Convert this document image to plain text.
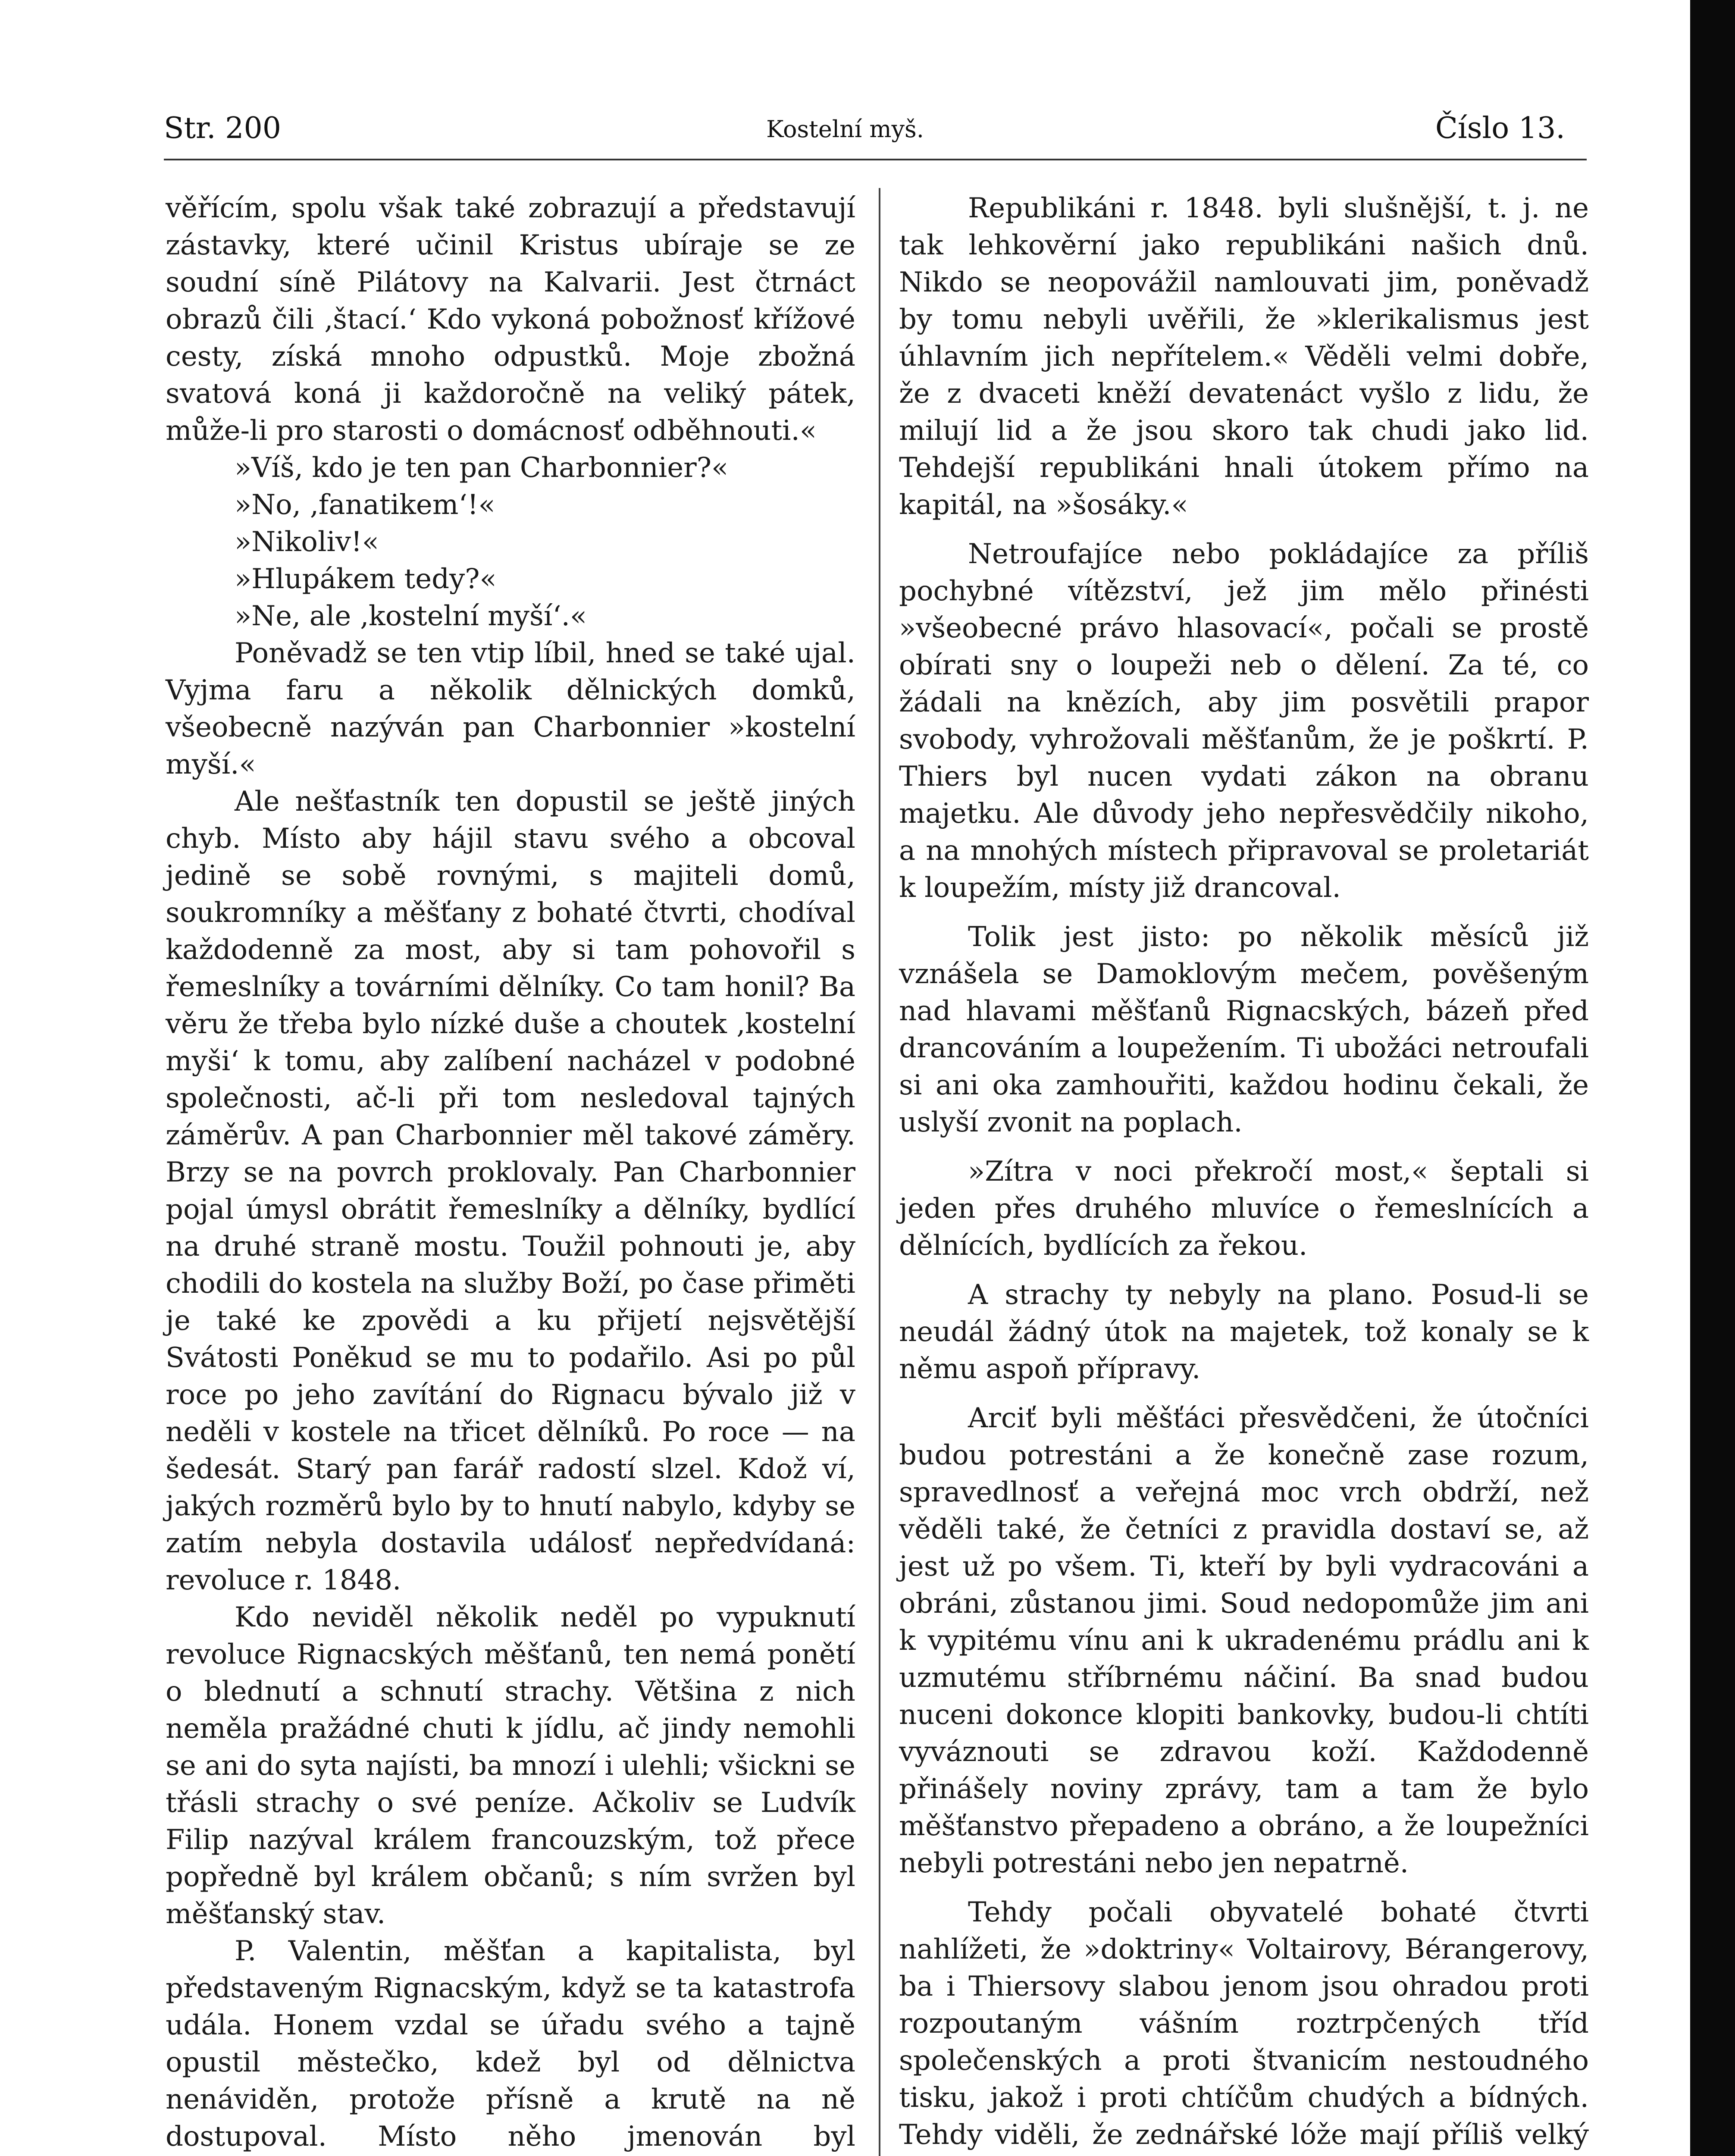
Str. 200	Kostelní myš.	Číslo 13.

věřícím, spolu však také zobrazují a představují zástavky, které učinil Kristus ubíraje se ze soudní síně Pilátovy na Kalvarii. Jest čtrnáct obrazů čili ‚štací.‘ Kdo vykoná pobožnosť křížové cesty, získá mnoho odpustků. Moje zbožná svatová koná ji každoročně na veliký pátek, může-li pro starosti o domácnosť odběhnouti.«

»Víš, kdo je ten pan Charbonnier?«

»No, ‚fanatikem‘!«

»Nikoliv!«

»Hlupákem tedy?«

»Ne, ale ‚kostelní myší‘.«

Poněvadž se ten vtip líbil, hned se také ujal. Vyjma faru a několik dělnických domků, všeobecně nazýván pan Charbonnier »kostelní myší.«

Ale nešťastník ten dopustil se ještě jiných chyb. Místo aby hájil stavu svého a obcoval jedině se sobě rovnými, s majiteli domů, soukromníky a měšťany z bohaté čtvrti, chodíval každodenně za most, aby si tam pohovořil s řemeslníky a továrními dělníky. Co tam honil? Ba věru že třeba bylo nízké duše a choutek ‚kostelní myši‘ k tomu, aby zalíbení nacházel v podobné společnosti, ač-li při tom nesledoval tajných záměrův. A pan Charbonnier měl takové záměry. Brzy se na povrch proklovaly. Pan Charbonnier pojal úmysl obrátit řemeslníky a dělníky, bydlící na druhé straně mostu. Toužil pohnouti je, aby chodili do kostela na služby Boží, po čase přiměti je také ke zpovědi a ku přijetí nejsvětější Svátosti Poněkud se mu to podařilo. Asi po půl roce po jeho zavítání do Rignacu bývalo již v neděli v kostele na třicet dělníků. Po roce — na šedesát. Starý pan farář radostí slzel. Kdož ví, jakých rozměrů bylo by to hnutí nabylo, kdyby se zatím nebyla dostavila událosť nepředvídaná: revoluce r. 1848.

Kdo neviděl několik neděl po vypuknutí revoluce Rignacských měšťanů, ten nemá ponětí o blednutí a schnutí strachy. Většina z nich neměla pražádné chuti k jídlu, ač jindy nemohli se ani do syta najísti, ba mnozí i ulehli; všickni se třásli strachy o své peníze. Ačkoliv se Ludvík Filip nazýval králem francouzským, tož přece popředně byl králem občanů; s ním svržen byl měšťanský stav.

P. Valentin, měšťan a kapitalista, byl představeným Rignacským, když se ta katastrofa udála. Honem vzdal se úřadu svého a tajně opustil městečko, kdež byl od dělnictva nenáviděn, protože přísně a krutě na ně dostupoval. Místo něho jmenován byl

Republikáni r. 1848. byli slušnější, t. j. ne tak lehkověrní jako republikáni našich dnů. Nikdo se neopovážil namlouvati jim, poněvadž by tomu nebyli uvěřili, že »klerikalismus jest úhlavním jich nepřítelem.« Věděli velmi dobře, že z dvaceti kněží devatenáct vyšlo z lidu, že milují lid a že jsou skoro tak chudi jako lid. Tehdejší republikáni hnali útokem přímo na kapitál, na »šosáky.«

Netroufajíce nebo pokládajíce za příliš pochybné vítězství, jež jim mělo přinésti »všeobecné právo hlasovací«, počali se prostě obírati sny o loupeži neb o dělení. Za té, co žádali na knězích, aby jim posvětili prapor svobody, vyhrožovali měšťanům, že je poškrtí. P. Thiers byl nucen vydati zákon na obranu majetku. Ale důvody jeho nepřesvědčily nikoho, a na mnohých místech připravoval se proletariát k loupežím, místy již drancoval.

Tolik jest jisto: po několik měsíců již vznášela se Damoklovým mečem, pověšeným nad hlavami měšťanů Rignacských, bázeň před drancováním a loupežením. Ti ubožáci netroufali si ani oka zamhouřiti, každou hodinu čekali, že uslyší zvonit na poplach.

»Zítra v noci překročí most,« šeptali si jeden přes druhého mluvíce o řemeslnících a dělnících, bydlících za řekou.

A strachy ty nebyly na plano. Posud-li se neudál žádný útok na majetek, tož konaly se k němu aspoň přípravy.

Arciť byli měšťáci přesvědčeni, že útočníci budou potrestáni a že konečně zase rozum, spravedlnosť a veřejná moc vrch obdrží, než věděli také, že četníci z pravidla dostaví se, až jest už po všem. Ti, kteří by byli vydracováni a obráni, zůstanou jimi. Soud nedopomůže jim ani k vypitému vínu ani k ukradenému prádlu ani k uzmutému stříbrnému náčiní. Ba snad budou nuceni dokonce klopiti bankovky, budou-li chtíti vyváznouti se zdravou koží. Každodenně přinášely noviny zprávy, tam a tam že bylo měšťanstvo přepadeno a obráno, a že loupežníci nebyli potrestáni nebo jen nepatrně.

Tehdy počali obyvatelé bohaté čtvrti nahlížeti, že »doktriny« Voltairovy, Bérangerovy, ba i Thiersovy slabou jenom jsou ohradou proti rozpoutaným vášním roztrpčených tříd společenských a proti štvanicím nestoudného tisku, jakož i proti chtíčům chudých a bídných. Tehdy viděli, že zednářské lóže mají příliš velký
